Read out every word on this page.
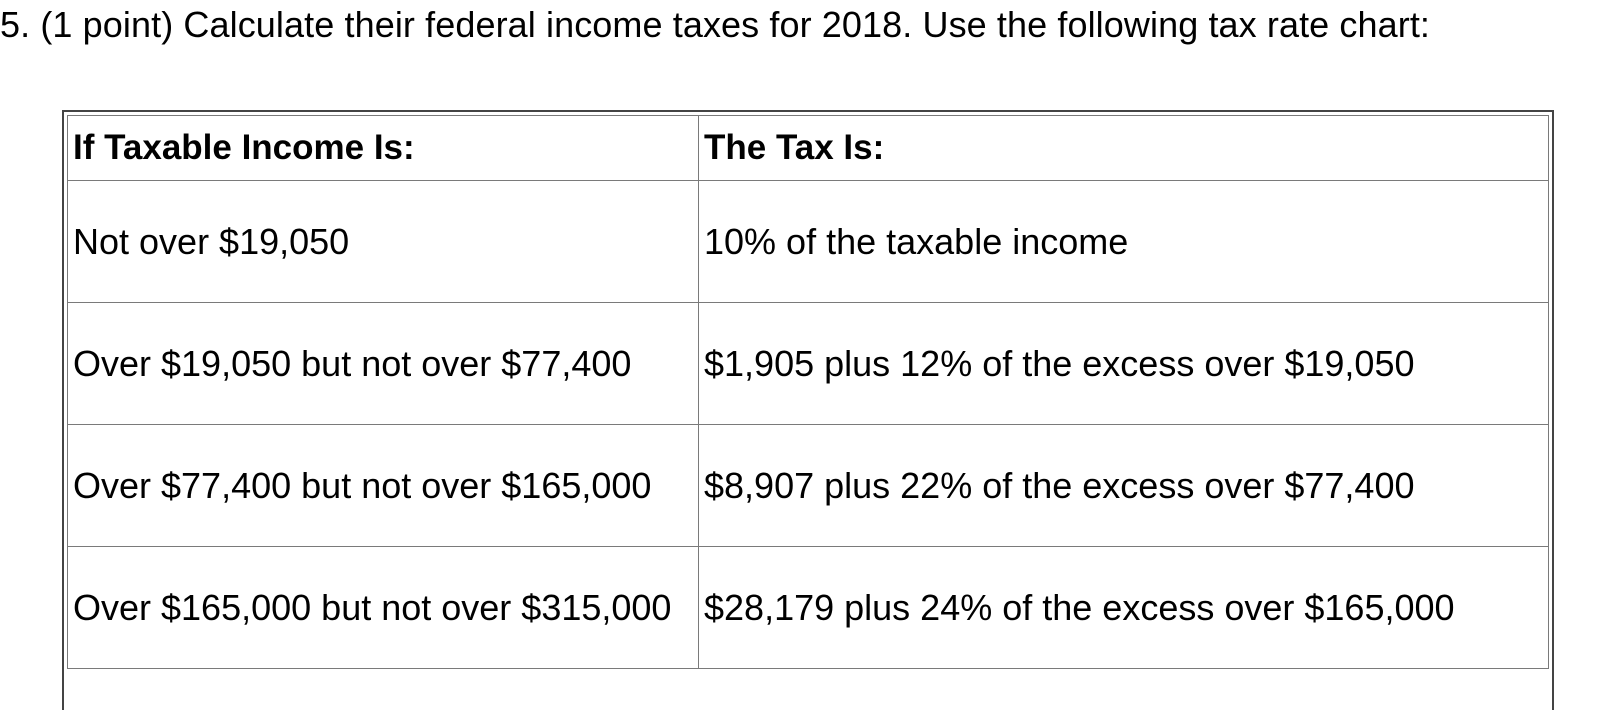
5. (1 point) Calculate their federal income taxes for 2018. Use the following tax rate chart:
If Taxable Income Is:	The Tax Is:
Not over $19,050	10% of the taxable income
Over $19,050 but not over $77,400	$1,905 plus 12% of the excess over $19,050
Over $77,400 but not over $165,000	$8,907 plus 22% of the excess over $77,400
Over $165,000 but not over $315,000	$28,179 plus 24% of the excess over $165,000
